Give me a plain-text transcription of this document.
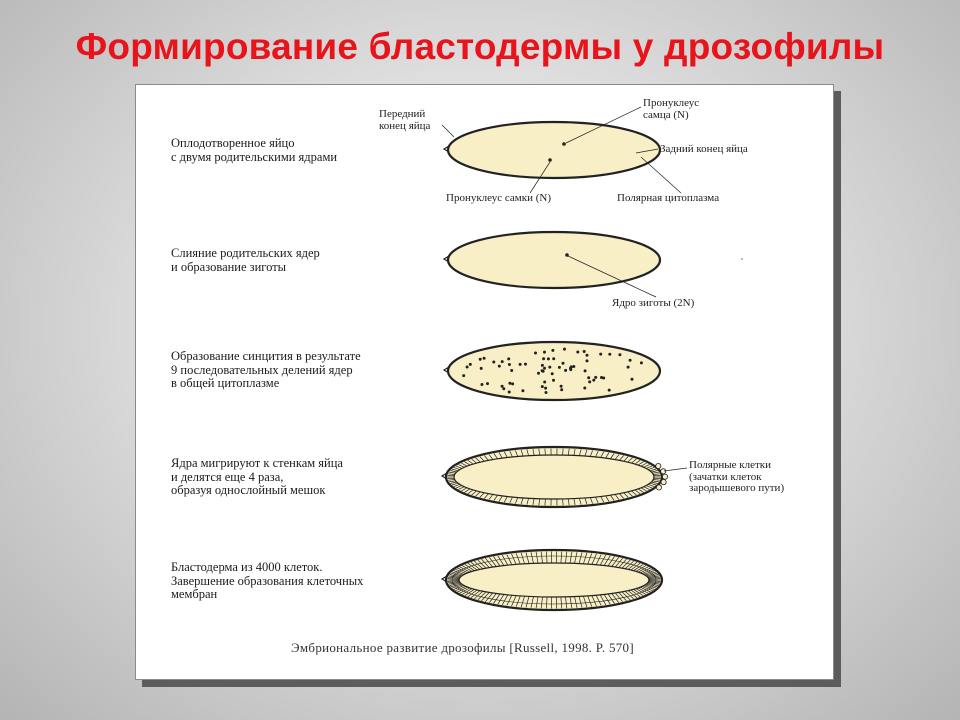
Формирование бластодермы у дрозофилы
Оплодотворенное яйцо
с двумя родительскими ядрами
Слияние родительских ядер
и образование зиготы
Образование синцития в результате
9 последовательных делений ядер
в общей цитоплазме
Ядра мигрируют к стенкам яйца
и делятся еще 4 раза,
образуя однослойный мешок
Бластодерма из 4000 клеток.
Завершение образования клеточных
мембран
Передний
конец яйца
Пронуклеус
самца (N)
Задний конец яйца
Пронуклеус самки (N)	Полярная цитоплазма
Ядро зиготы (2N)
Полярные клетки
(зачатки клеток
зародышевого пути)
Эмбриональное развитие дрозофилы [Russell, 1998. P. 570]
